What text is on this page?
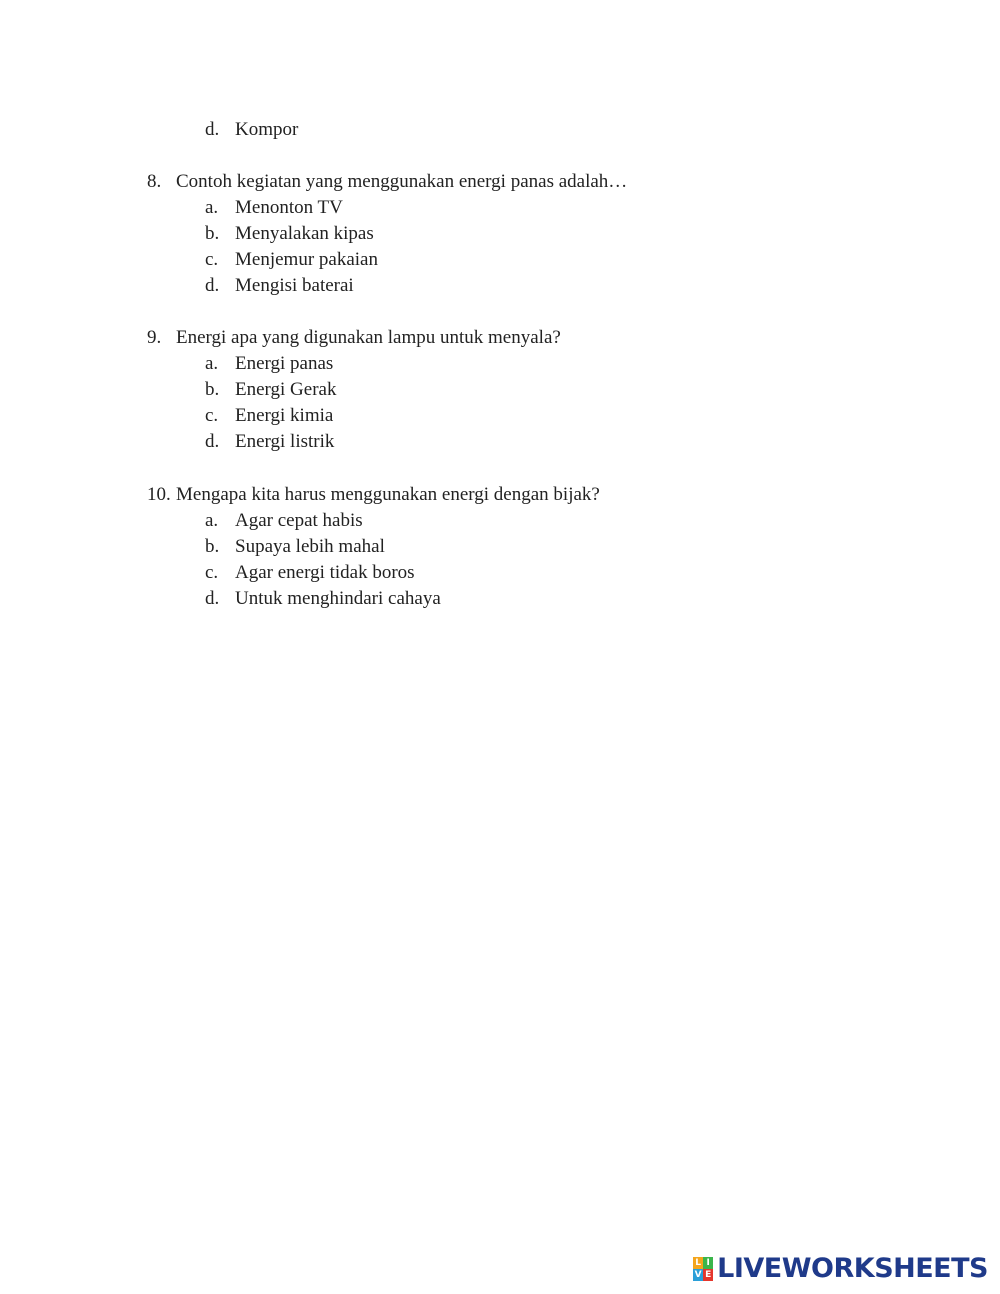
d. Kompor
8. Contoh kegiatan yang menggunakan energi panas adalah…
a. Menonton TV
b. Menyalakan kipas
c. Menjemur pakaian
d. Mengisi baterai
9. Energi apa yang digunakan lampu untuk menyala?
a. Energi panas
b. Energi Gerak
c. Energi kimia
d. Energi listrik
10. Mengapa kita harus menggunakan energi dengan bijak?
a. Agar cepat habis
b. Supaya lebih mahal
c. Agar energi tidak boros
d. Untuk menghindari cahaya
L I
V E LIVEWORKSHEETS
